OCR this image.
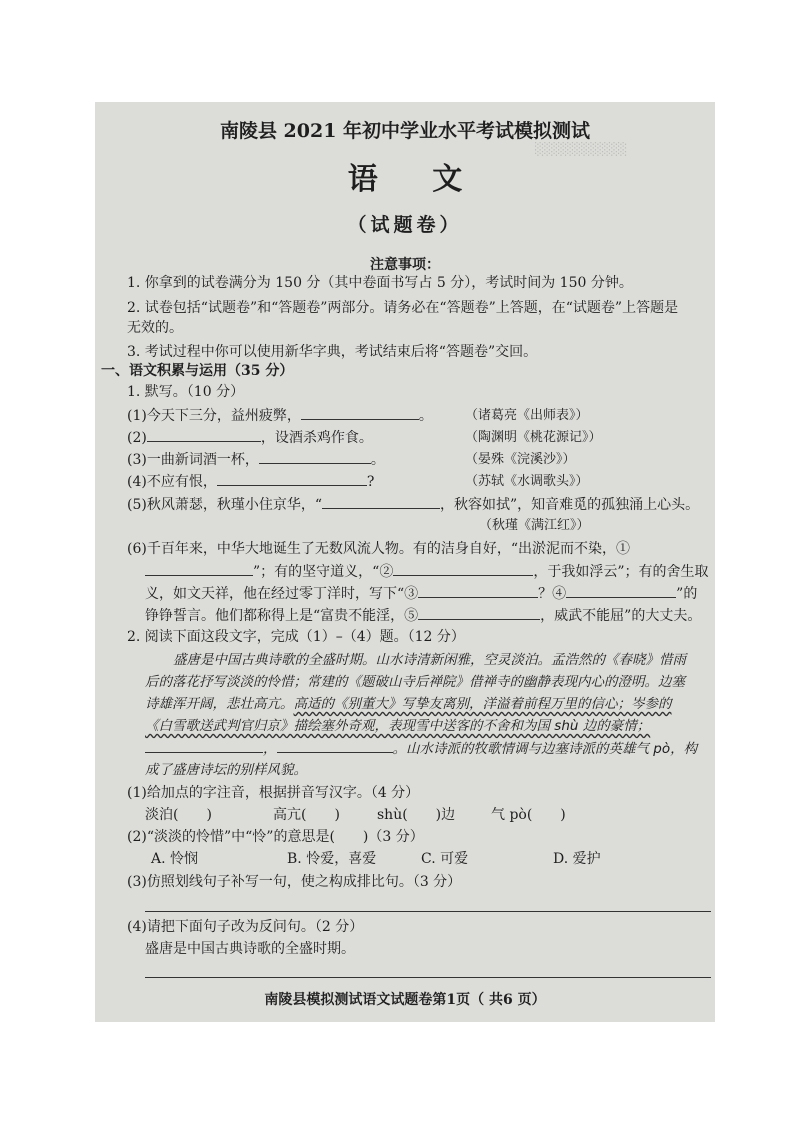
░░░░░░░░░░
南陵县 2021 年初中学业水平考试模拟测试
语 文
（试题卷）
注意事项：
1. 你拿到的试卷满分为 150 分（其中卷面书写占 5 分），考试时间为 150 分钟。
2. 试卷包括“试题卷”和“答题卷”两部分。请务必在“答题卷”上答题，在“试题卷”上答题是
无效的。
3. 考试过程中你可以使用新华字典，考试结束后将“答题卷”交回。
一、语文积累与运用（35 分）
1. 默写。（10 分）
(1)今天下三分，益州疲弊，	。 （诸葛亮《出师表》）
(2)	，设酒杀鸡作食。	（陶渊明《桃花源记》）
(3)一曲新词酒一杯，	。	（晏殊《浣溪沙》）
(4)不应有恨，	?	（苏轼《水调歌头》）
(5)秋风萧瑟，秋瑾小住京华，“	，秋容如拭”，知音难觅的孤独涌上心头。
（秋瑾《满江红》）
(6)千百年来，中华大地诞生了无数风流人物。有的洁身自好，“出淤泥而不染，①
”；有的坚守道义，“②	，于我如浮云”；有的舍生取
义，如文天祥，他在经过零丁洋时，写下“③	？④	”的
铮铮誓言。他们都称得上是“富贵不能淫，⑤	，威武不能屈”的大丈夫。
2. 阅读下面这段文字，完成（1）–（4）题。（12 分）
盛唐是中国古典诗歌的全盛时期。山水诗清新闲雅，空灵淡泊。孟浩然的《春晓》惜雨
后的落花抒写淡淡的怜惜；常建的《题破山寺后禅院》借禅寺的幽静表现内心的澄明。边塞
诗雄浑开阔，悲壮高亢。高适的《别董大》写挚友离别，洋溢着前程万里的信心；岑参的
《白雪歌送武判官归京》描绘塞外奇观，表现雪中送客的不舍和为国 shù 边的豪情；
，	。山水诗派的牧歌情调与边塞诗派的英雄气 pò，构
成了盛唐诗坛的别样风貌。
(1)给加点的字注音，根据拼音写汉字。（4 分）
淡泊(　　)	高亢(　　)	shù(　　)边	气 pò(　　)
(2)“淡淡的怜惜”中“怜”的意思是(　　)（3 分）
A. 怜悯	B. 怜爱，喜爱	C. 可爱	D. 爱护
(3)仿照划线句子补写一句，使之构成排比句。（3 分）
(4)请把下面句子改为反问句。（2 分）
盛唐是中国古典诗歌的全盛时期。
南陵县模拟测试语文试题卷第1页（ 共6 页）
